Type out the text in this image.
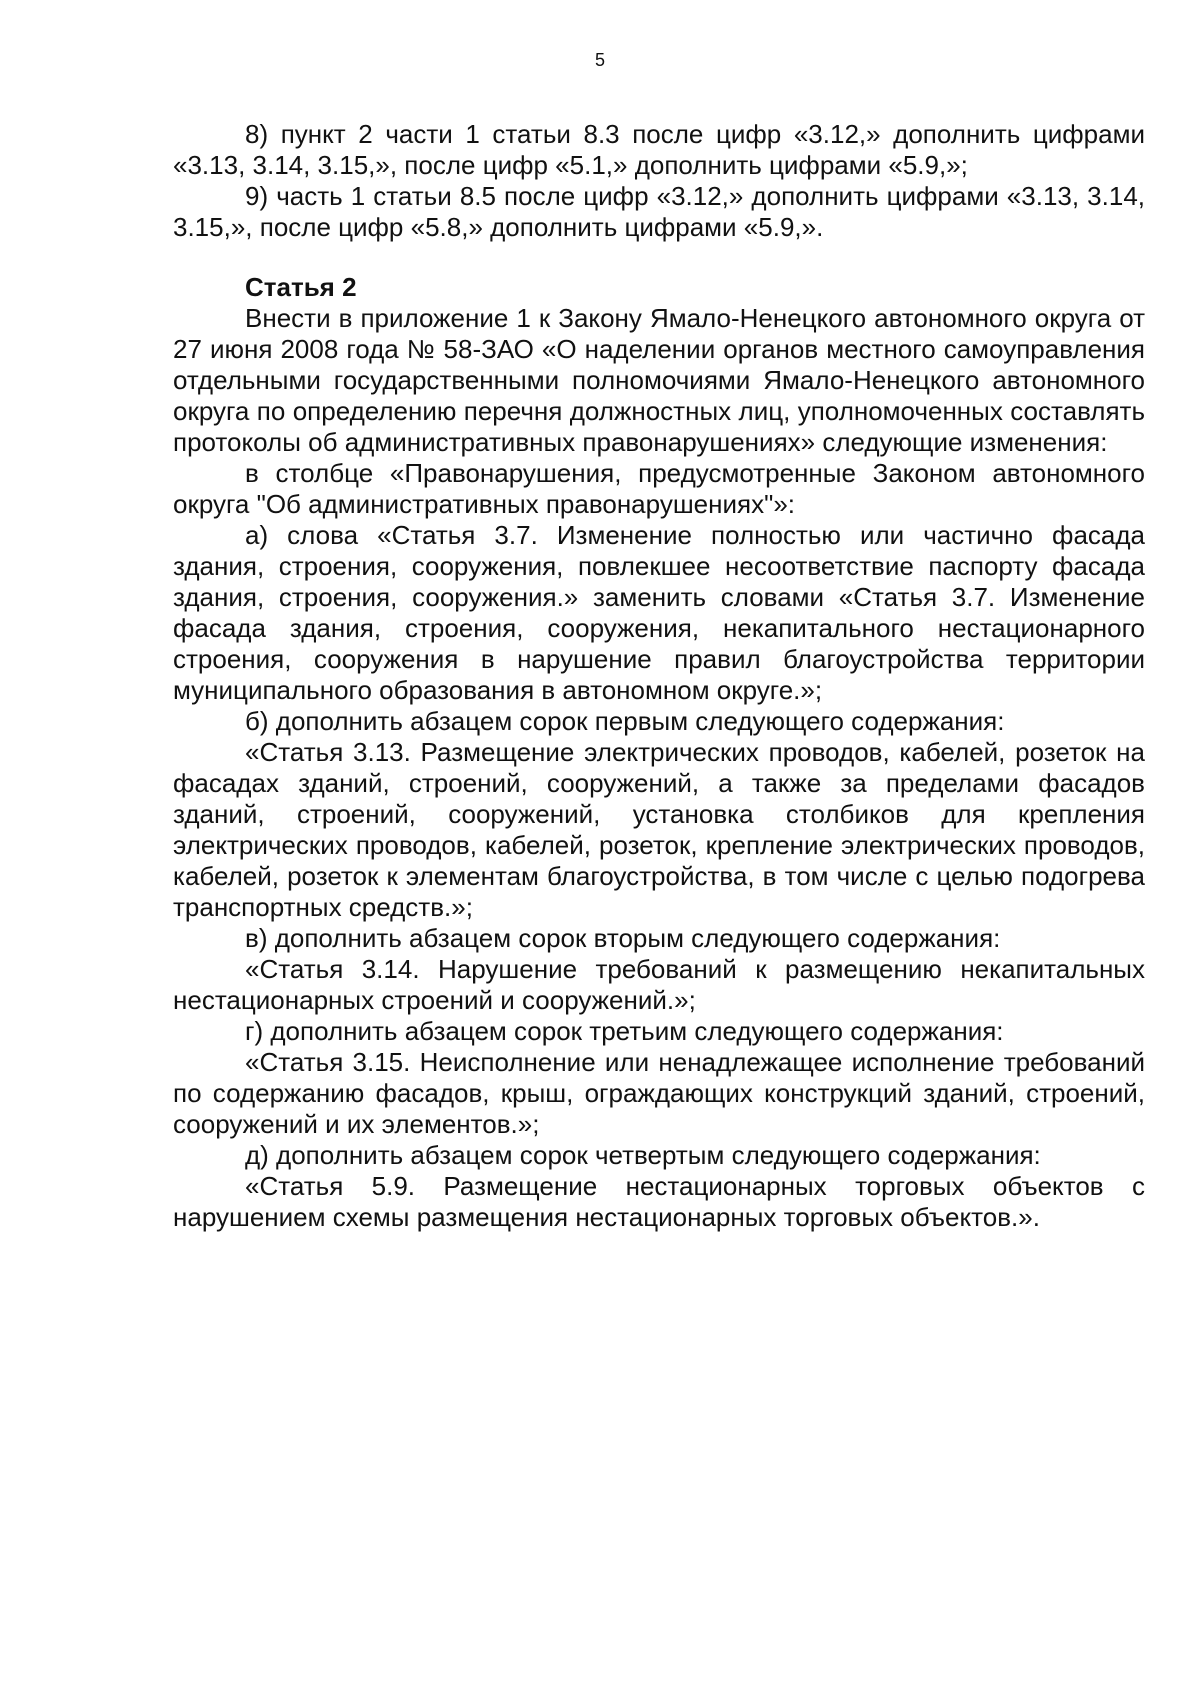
5

8) пункт 2 части 1 статьи 8.3 после цифр «3.12,» дополнить цифрами «3.13, 3.14, 3.15,», после цифр «5.1,» дополнить цифрами «5.9,»;

9) часть 1 статьи 8.5 после цифр «3.12,» дополнить цифрами «3.13, 3.14, 3.15,», после цифр «5.8,» дополнить цифрами «5.9,».

Статья 2

Внести в приложение 1 к Закону Ямало-Ненецкого автономного округа от 27 июня 2008 года № 58-ЗАО «О наделении органов местного самоуправления отдельными государственными полномочиями Ямало-Ненецкого автономного округа по определению перечня должностных лиц, уполномоченных составлять протоколы об административных правонарушениях» следующие изменения:

в столбце «Правонарушения, предусмотренные Законом автономного округа "Об административных правонарушениях"»:

а) слова «Статья 3.7. Изменение полностью или частично фасада здания, строения, сооружения, повлекшее несоответствие паспорту фасада здания, строения, сооружения.» заменить словами «Статья 3.7. Изменение фасада здания, строения, сооружения, некапитального нестационарного строения, сооружения в нарушение правил благоустройства территории муниципального образования в автономном округе.»;

б) дополнить абзацем сорок первым следующего содержания:

«Статья 3.13. Размещение электрических проводов, кабелей, розеток на фасадах зданий, строений, сооружений, а также за пределами фасадов зданий, строений, сооружений, установка столбиков для крепления электрических проводов, кабелей, розеток, крепление электрических проводов, кабелей, розеток к элементам благоустройства, в том числе с целью подогрева транспортных средств.»;

в) дополнить абзацем сорок вторым следующего содержания:

«Статья 3.14. Нарушение требований к размещению некапитальных нестационарных строений и сооружений.»;

г) дополнить абзацем сорок третьим следующего содержания:

«Статья 3.15. Неисполнение или ненадлежащее исполнение требований по содержанию фасадов, крыш, ограждающих конструкций зданий, строений, сооружений и их элементов.»;

д) дополнить абзацем сорок четвертым следующего содержания:

«Статья 5.9. Размещение нестационарных торговых объектов с нарушением схемы размещения нестационарных торговых объектов.».
